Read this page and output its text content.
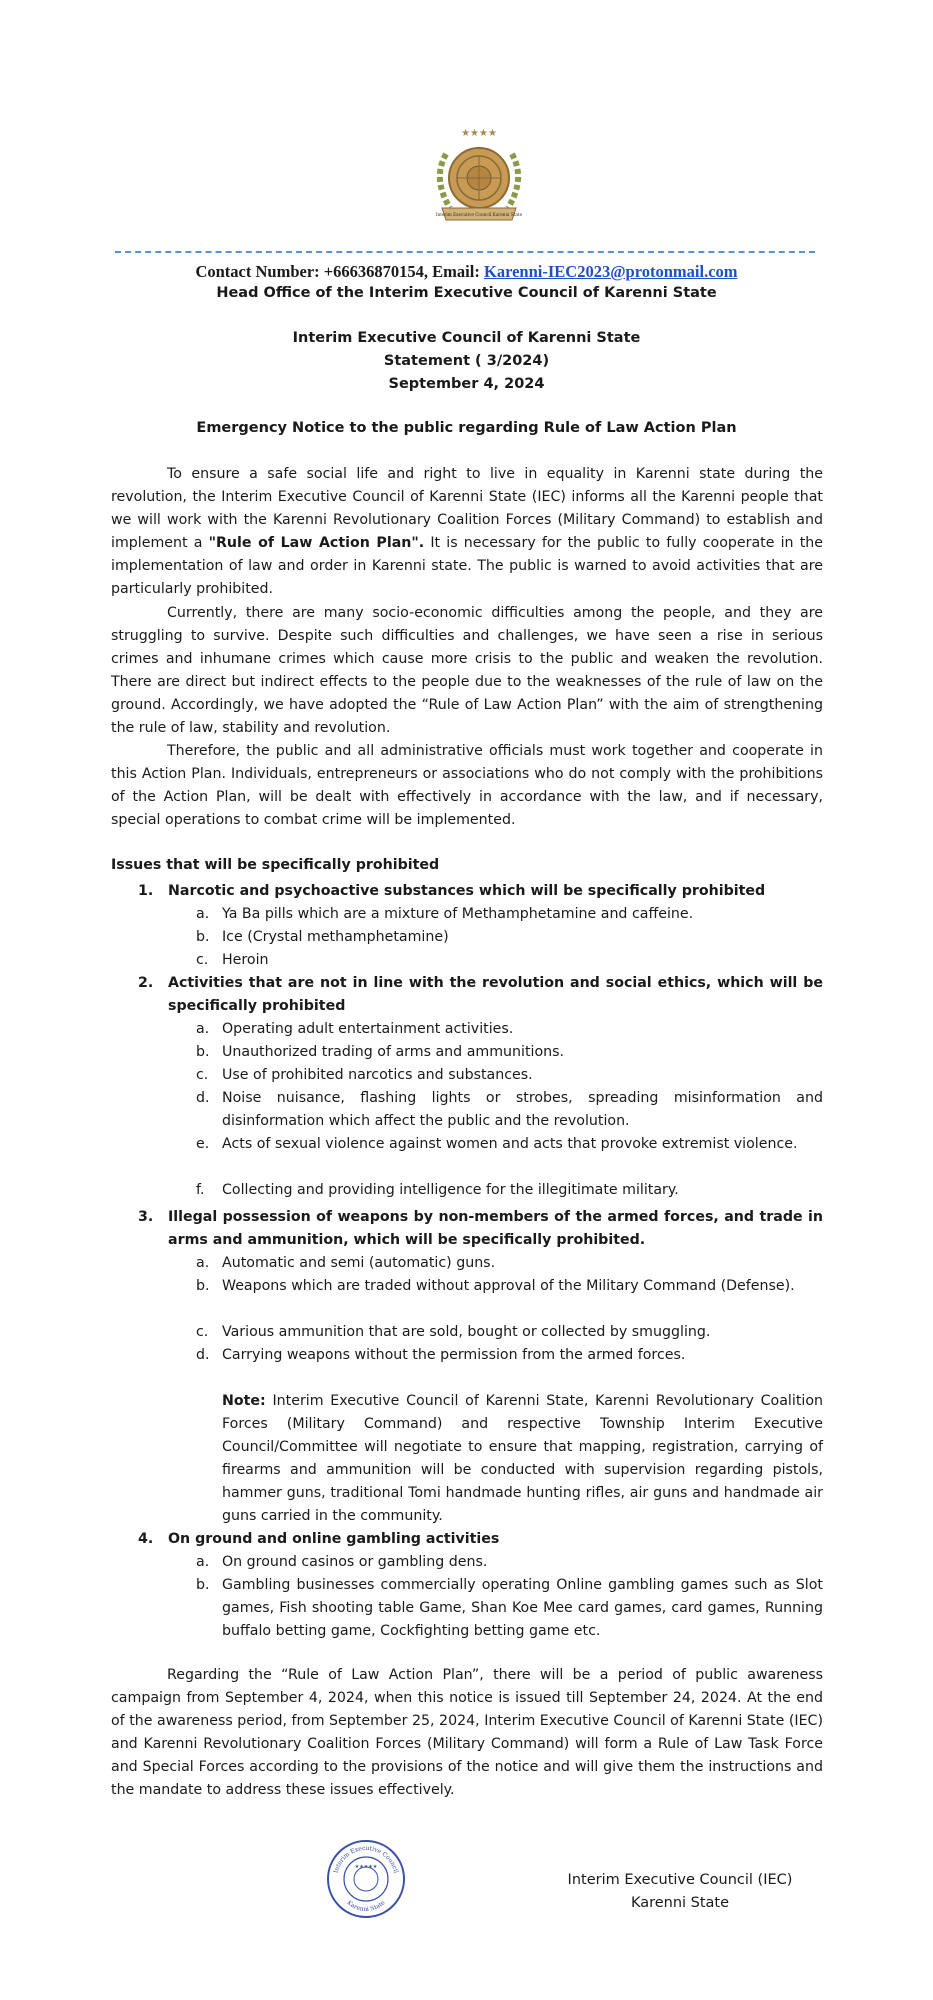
★★★★
Interim Executive Council Karenni State
Contact Number: +66636870154, Email: Karenni-IEC2023@protonmail.com
Head Office of the Interim Executive Council of Karenni State
Interim Executive Council of Karenni State
Statement ( 3/2024)
September 4, 2024
Emergency Notice to the public regarding Rule of Law Action Plan

To ensure a safe social life and right to live in equality in Karenni state during the revolution, the Interim Executive Council of Karenni State (IEC) informs all the Karenni people that we will work with the Karenni Revolutionary Coalition Forces (Military Command) to establish and implement a "Rule of Law Action Plan". It is necessary for the public to fully cooperate in the implementation of law and order in Karenni state. The public is warned to avoid activities that are particularly prohibited.

Currently, there are many socio-economic difficulties among the people, and they are struggling to survive. Despite such difficulties and challenges, we have seen a rise in serious crimes and inhumane crimes which cause more crisis to the public and weaken the revolution. There are direct but indirect effects to the people due to the weaknesses of the rule of law on the ground. Accordingly, we have adopted the “Rule of Law Action Plan” with the aim of strengthening the rule of law, stability and revolution.

Therefore, the public and all administrative officials must work together and cooperate in this Action Plan. Individuals, entrepreneurs or associations who do not comply with the prohibitions of the Action Plan, will be dealt with effectively in accordance with the law, and if necessary, special operations to combat crime will be implemented.

Issues that will be specifically prohibited
1. Narcotic and psychoactive substances which will be specifically prohibited
a. Ya Ba pills which are a mixture of Methamphetamine and caffeine.
b. Ice (Crystal methamphetamine)
c. Heroin
2. Activities that are not in line with the revolution and social ethics, which will be specifically prohibited
a. Operating adult entertainment activities.
b. Unauthorized trading of arms and ammunitions.
c. Use of prohibited narcotics and substances.
d. Noise nuisance, flashing lights or strobes, spreading misinformation and disinformation which affect the public and the revolution.
e. Acts of sexual violence against women and acts that provoke extremist violence.
f. Collecting and providing intelligence for the illegitimate military.
3. Illegal possession of weapons by non-members of the armed forces, and trade in arms and ammunition, which will be specifically prohibited.
a. Automatic and semi (automatic) guns.
b. Weapons which are traded without approval of the Military Command (Defense).
c. Various ammunition that are sold, bought or collected by smuggling.
d. Carrying weapons without the permission from the armed forces.
Note: Interim Executive Council of Karenni State, Karenni Revolutionary Coalition Forces (Military Command) and respective Township Interim Executive Council/Committee will negotiate to ensure that mapping, registration, carrying of firearms and ammunition will be conducted with supervision regarding pistols, hammer guns, traditional Tomi handmade hunting rifles, air guns and handmade air guns carried in the community.
4. On ground and online gambling activities
a. On ground casinos or gambling dens.
b. Gambling businesses commercially operating Online gambling games such as Slot games, Fish shooting table Game, Shan Koe Mee card games, card games, Running buffalo betting game, Cockfighting betting game etc.

Regarding the “Rule of Law Action Plan”, there will be a period of public awareness campaign from September 4, 2024, when this notice is issued till September 24, 2024. At the end of the awareness period, from September 25, 2024, Interim Executive Council of Karenni State (IEC) and Karenni Revolutionary Coalition Forces (Military Command) will form a Rule of Law Task Force and Special Forces according to the provisions of the notice and will give them the instructions and the mandate to address these issues effectively.

Interim Executive Council
Karenni State
★★★★★
Interim Executive Council (IEC)
Karenni State
